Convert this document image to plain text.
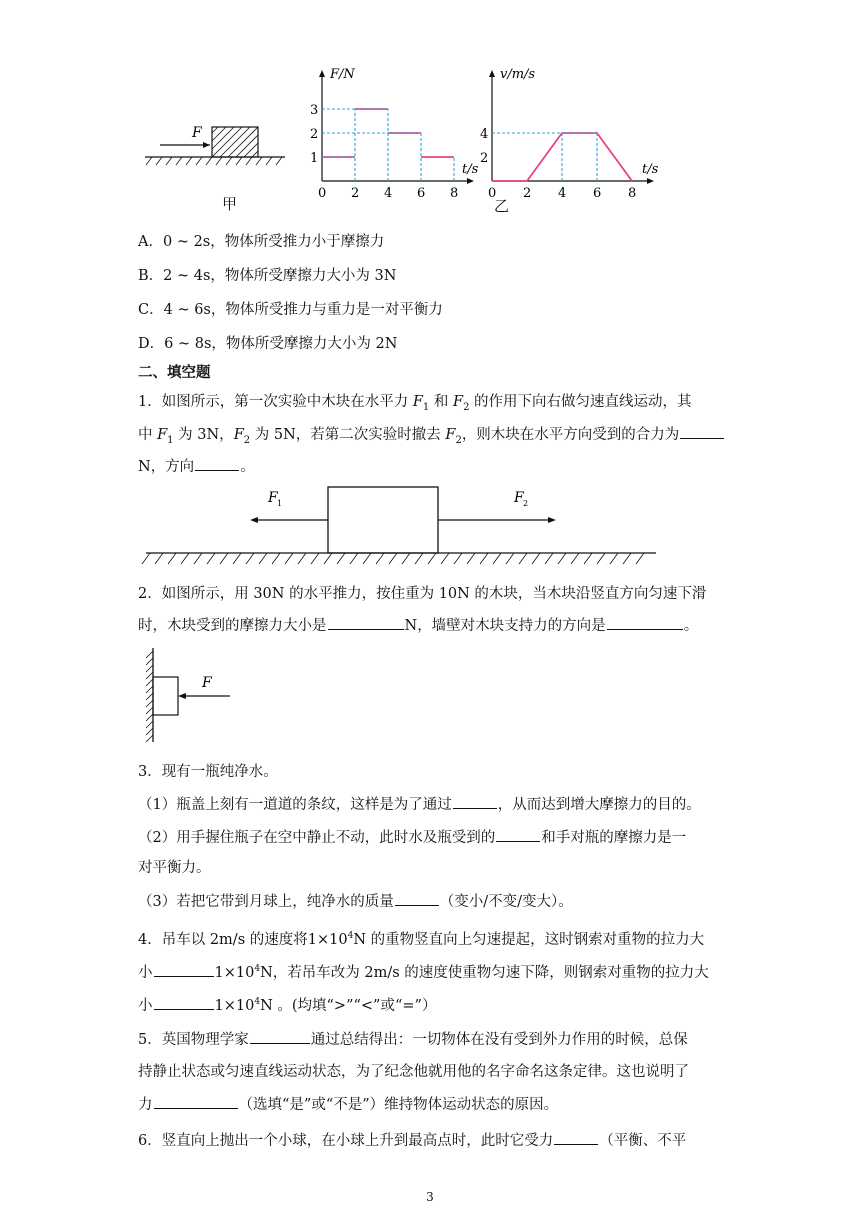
F
甲
F/N
t/s
0 2 4 6 8
1
2
3
v/m/s
t/s
0 2 4 6 8
2
4
乙
A．0 ~ 2s，物体所受推力小于摩擦力
B．2 ~ 4s，物体所受摩擦力大小为 3N
C．4 ~ 6s，物体所受推力与重力是一对平衡力
D．6 ~ 8s，物体所受摩擦力大小为 2N
二、填空题
1．如图所示，第一次实验中木块在水平力 $F_1$ 和 $F_2$ 的作用下向右做匀速直线运动，其
中 $F_1$ 为 3N，$F_2$ 为 5N，若第二次实验时撤去 $F_2$，则木块在水平方向受到的合力为
N，方向	。
F 1	F 2
2．如图所示，用 30N 的水平推力，按住重为 10N 的木块，当木块沿竖直方向匀速下滑
时，木块受到的摩擦力大小是	N，墙壁对木块支持力的方向是	。
F
3．现有一瓶纯净水。
（1）瓶盖上刻有一道道的条纹，这样是为了通过	，从而达到增大摩擦力的目的。
（2）用手握住瓶子在空中静止不动，此时水及瓶受到的	和手对瓶的摩擦力是一
对平衡力。
（3）若把它带到月球上，纯净水的质量	（变小/不变/变大）。
4．吊车以 2m/s 的速度将$1\times 10^4N$ 的重物竖直向上匀速提起，这时钢索对重物的拉力大
小	$1\times 10^4N$，若吊车改为 2m/s 的速度使重物匀速下降，则钢索对重物的拉力大
小	$1\times 10^4N$ 。(均填“>”“<”或“=”）
5．英国物理学家	通过总结得出：一切物体在没有受到外力作用的时候，总保
持静止状态或匀速直线运动状态，为了纪念他就用他的名字命名这条定律。这也说明了
力	（选填“是”或“不是”）维持物体运动状态的原因。
6．竖直向上抛出一个小球，在小球上升到最高点时，此时它受力	（平衡、不平
3
